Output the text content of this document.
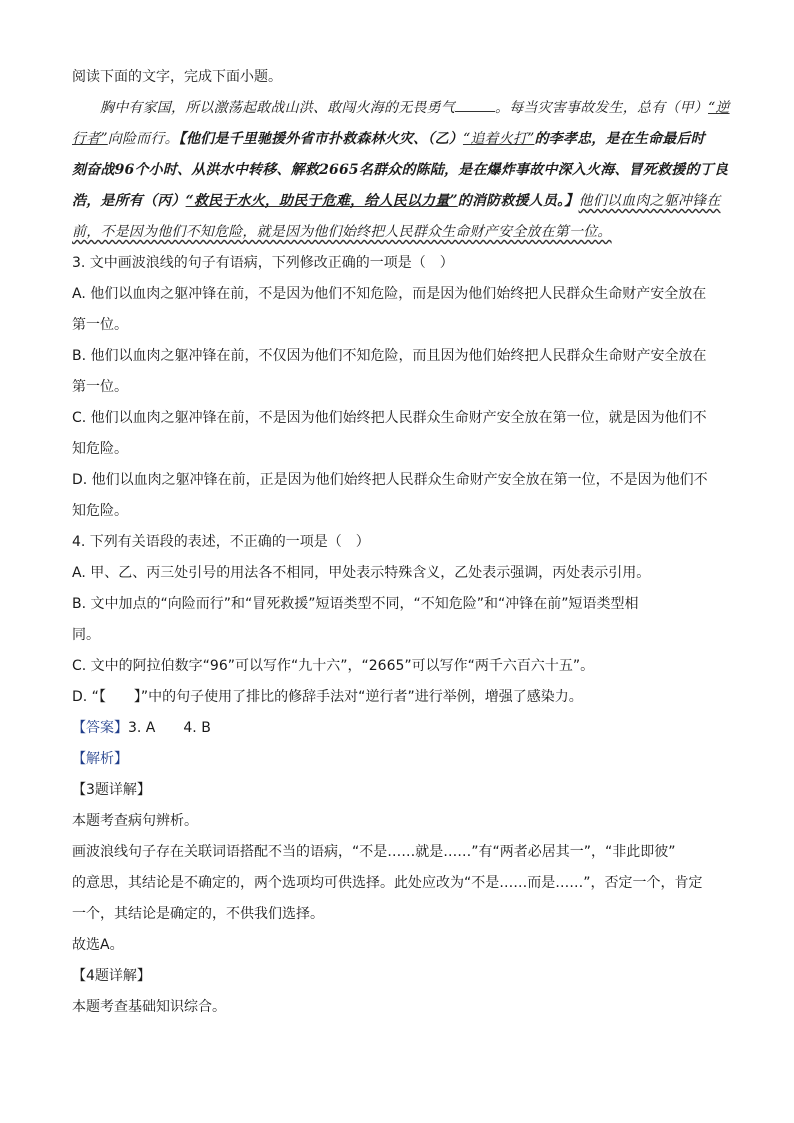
阅读下面的文字，完成下面小题。
胸中有家国，所以激荡起敢战山洪、敢闯火海的无畏勇气	。每当灾害事故发生，总有（甲）“逆
行者”向险而行。【他们是千里驰援外省市扑救森林火灾、（乙）“追着火打”的李孝忠，是在生命最后时
刻奋战96个小时、从洪水中转移、解救2665名群众的陈陆，是在爆炸事故中深入火海、冒死救援的丁良
浩，是所有（丙）“救民于水火，助民于危难，给人民以力量”的消防救援人员。】他们以血肉之躯冲锋在
前，不是因为他们不知危险，就是因为他们始终把人民群众生命财产安全放在第一位。
3. 文中画波浪线的句子有语病，下列修改正确的一项是（　）
A. 他们以血肉之躯冲锋在前，不是因为他们不知危险，而是因为他们始终把人民群众生命财产安全放在
第一位。
B. 他们以血肉之躯冲锋在前，不仅因为他们不知危险，而且因为他们始终把人民群众生命财产安全放在
第一位。
C. 他们以血肉之躯冲锋在前，不是因为他们始终把人民群众生命财产安全放在第一位，就是因为他们不
知危险。
D. 他们以血肉之躯冲锋在前，正是因为他们始终把人民群众生命财产安全放在第一位，不是因为他们不
知危险。
4. 下列有关语段的表述，不正确的一项是（　）
A. 甲、乙、丙三处引号的用法各不相同，甲处表示特殊含义，乙处表示强调，丙处表示引用。
B. 文中加点的“向险而行”和“冒死救援”短语类型不同，“不知危险”和“冲锋在前”短语类型相
同。
C. 文中的阿拉伯数字“96”可以写作“九十六”，“2665”可以写作“两千六百六十五”。
D. “【　　】”中的句子使用了排比的修辞手法对“逆行者”进行举例，增强了感染力。
【答案】3. A　　4. B
【解析】
【3题详解】
本题考查病句辨析。
画波浪线句子存在关联词语搭配不当的语病，“不是……就是……”有“两者必居其一”，“非此即彼”
的意思，其结论是不确定的，两个选项均可供选择。此处应改为“不是……而是……”，否定一个，肯定
一个，其结论是确定的，不供我们选择。
故选A。
【4题详解】
本题考查基础知识综合。
